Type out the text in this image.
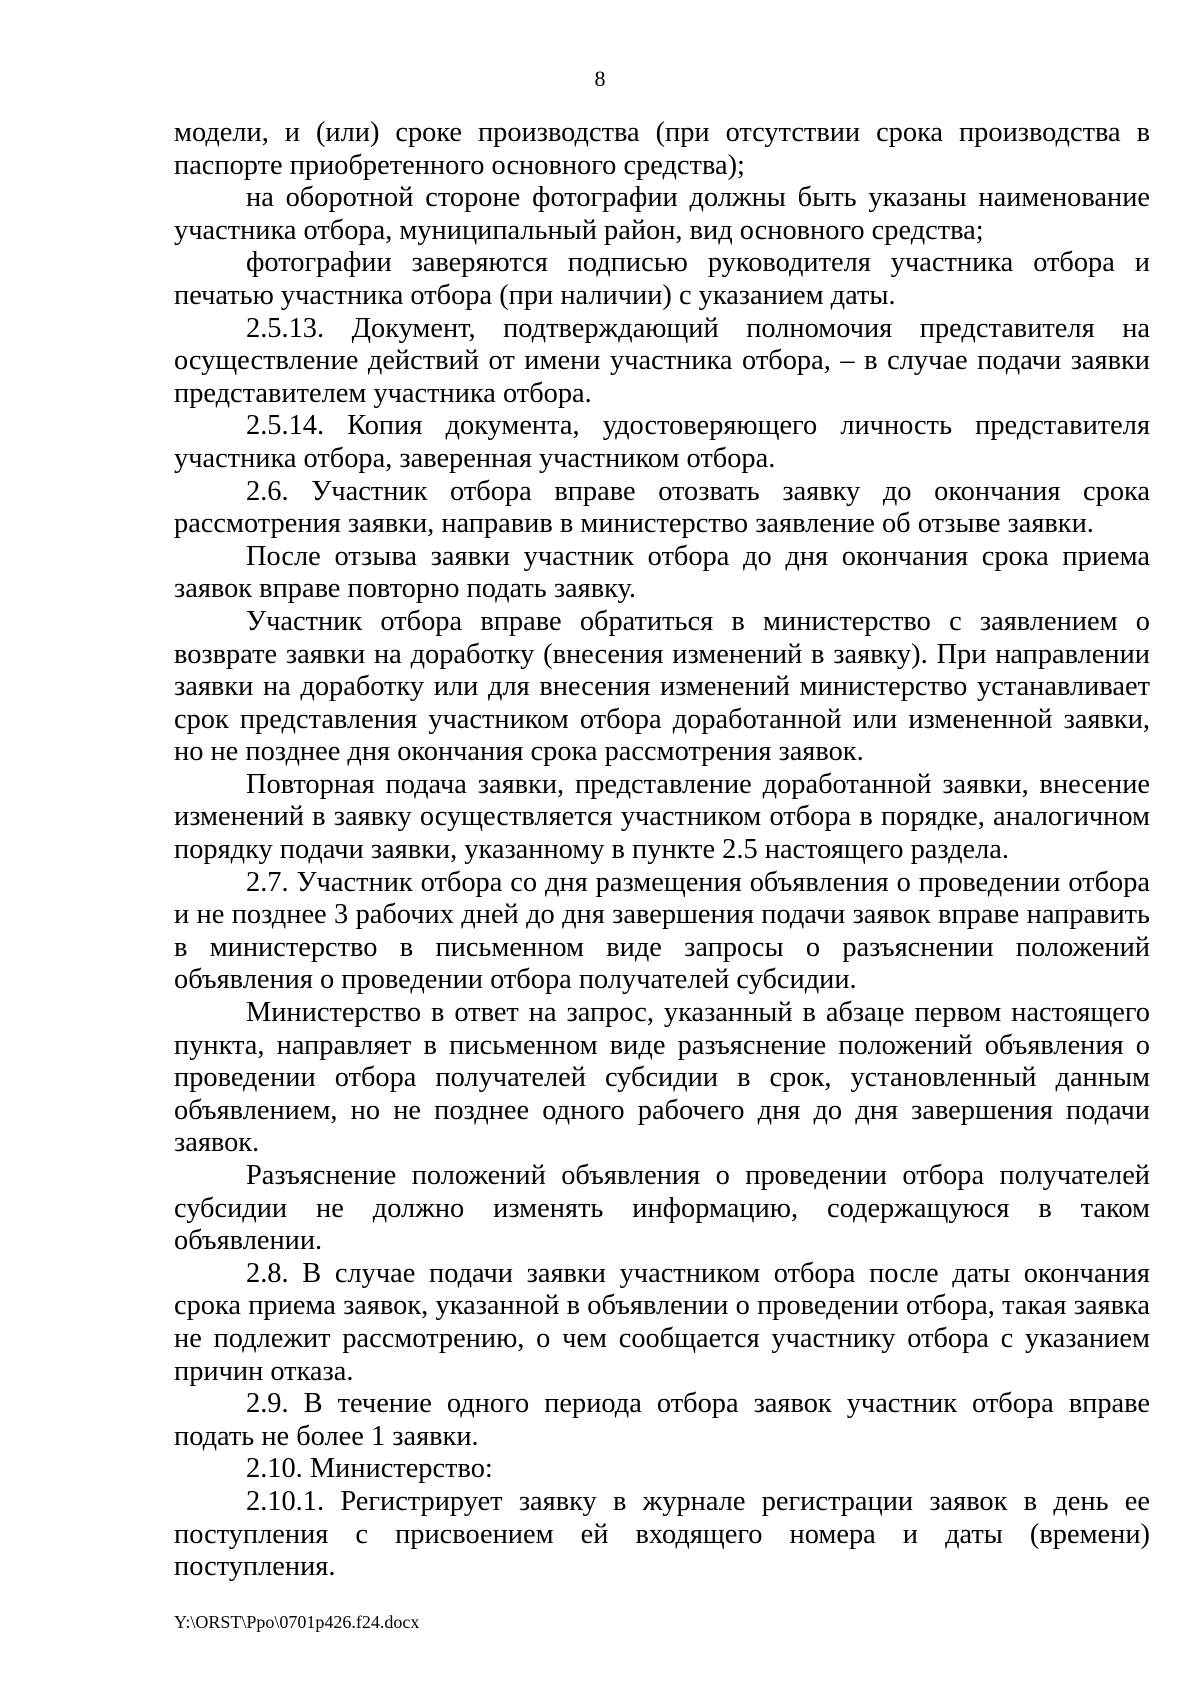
8

модели, и (или) сроке производства (при отсутствии срока производства в паспорте приобретенного основного средства);

на оборотной стороне фотографии должны быть указаны наименование участника отбора, муниципальный район, вид основного средства;

фотографии заверяются подписью руководителя участника отбора и печатью участника отбора (при наличии) с указанием даты.

2.5.13. Документ, подтверждающий полномочия представителя на осуществление действий от имени участника отбора, – в случае подачи заявки представителем участника отбора.

2.5.14. Копия документа, удостоверяющего личность представителя участника отбора, заверенная участником отбора.

2.6. Участник отбора вправе отозвать заявку до окончания срока рассмотрения заявки, направив в министерство заявление об отзыве заявки.

После отзыва заявки участник отбора до дня окончания срока приема заявок вправе повторно подать заявку.

Участник отбора вправе обратиться в министерство с заявлением о возврате заявки на доработку (внесения изменений в заявку). При направлении заявки на доработку или для внесения изменений министерство устанавливает срок представления участником отбора доработанной или измененной заявки, но не позднее дня окончания срока рассмотрения заявок.

Повторная подача заявки, представление доработанной заявки, внесение изменений в заявку осуществляется участником отбора в порядке, аналогичном порядку подачи заявки, указанному в пункте 2.5 настоящего раздела.

2.7. Участник отбора со дня размещения объявления о проведении отбора и не позднее 3 рабочих дней до дня завершения подачи заявок вправе направить в министерство в письменном виде запросы о разъяснении положений объявления о проведении отбора получателей субсидии.

Министерство в ответ на запрос, указанный в абзаце первом настоящего пункта, направляет в письменном виде разъяснение положений объявления о проведении отбора получателей субсидии в срок, установленный данным объявлением, но не позднее одного рабочего дня до дня завершения подачи заявок.

Разъяснение положений объявления о проведении отбора получателей субсидии не должно изменять информацию, содержащуюся в таком объявлении.

2.8. В случае подачи заявки участником отбора после даты окончания срока приема заявок, указанной в объявлении о проведении отбора, такая заявка не подлежит рассмотрению, о чем сообщается участнику отбора с указанием причин отказа.

2.9. В течение одного периода отбора заявок участник отбора вправе подать не более 1 заявки.

2.10. Министерство:

2.10.1. Регистрирует заявку в журнале регистрации заявок в день ее поступления с присвоением ей входящего номера и даты (времени) поступления.

Y:\ORST\Ppo\0701p426.f24.docx
